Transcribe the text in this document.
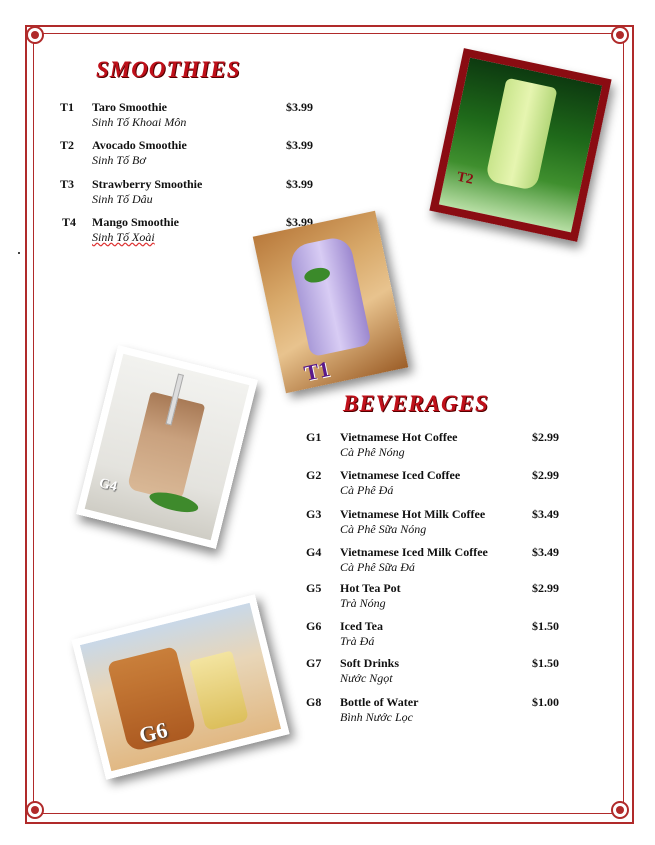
SMOOTHIES
T1 Taro Smoothie
Sinh Tố Khoai Môn
$3.99
T2 Avocado Smoothie
Sinh Tố Bơ
$3.99
T3 Strawberry Smoothie
Sinh Tố Dâu
$3.99
T4 Mango Smoothie
Sinh Tố Xoài
$3.99
T2
T1
G4
G6
BEVERAGES
G1 Vietnamese Hot Coffee
Cà Phê Nóng
$2.99
G2 Vietnamese Iced Coffee
Cà Phê Đá
$2.99
G3 Vietnamese Hot Milk Coffee
Cà Phê Sữa Nóng
$3.49
G4 Vietnamese Iced Milk Coffee
Cà Phê Sữa Đá
$3.49
G5 Hot Tea Pot
Trà Nóng
$2.99
G6 Iced Tea
Trà Đá
$1.50
G7 Soft Drinks
Nước Ngọt
$1.50
G8 Bottle of Water
Bình Nước Lọc
$1.00
